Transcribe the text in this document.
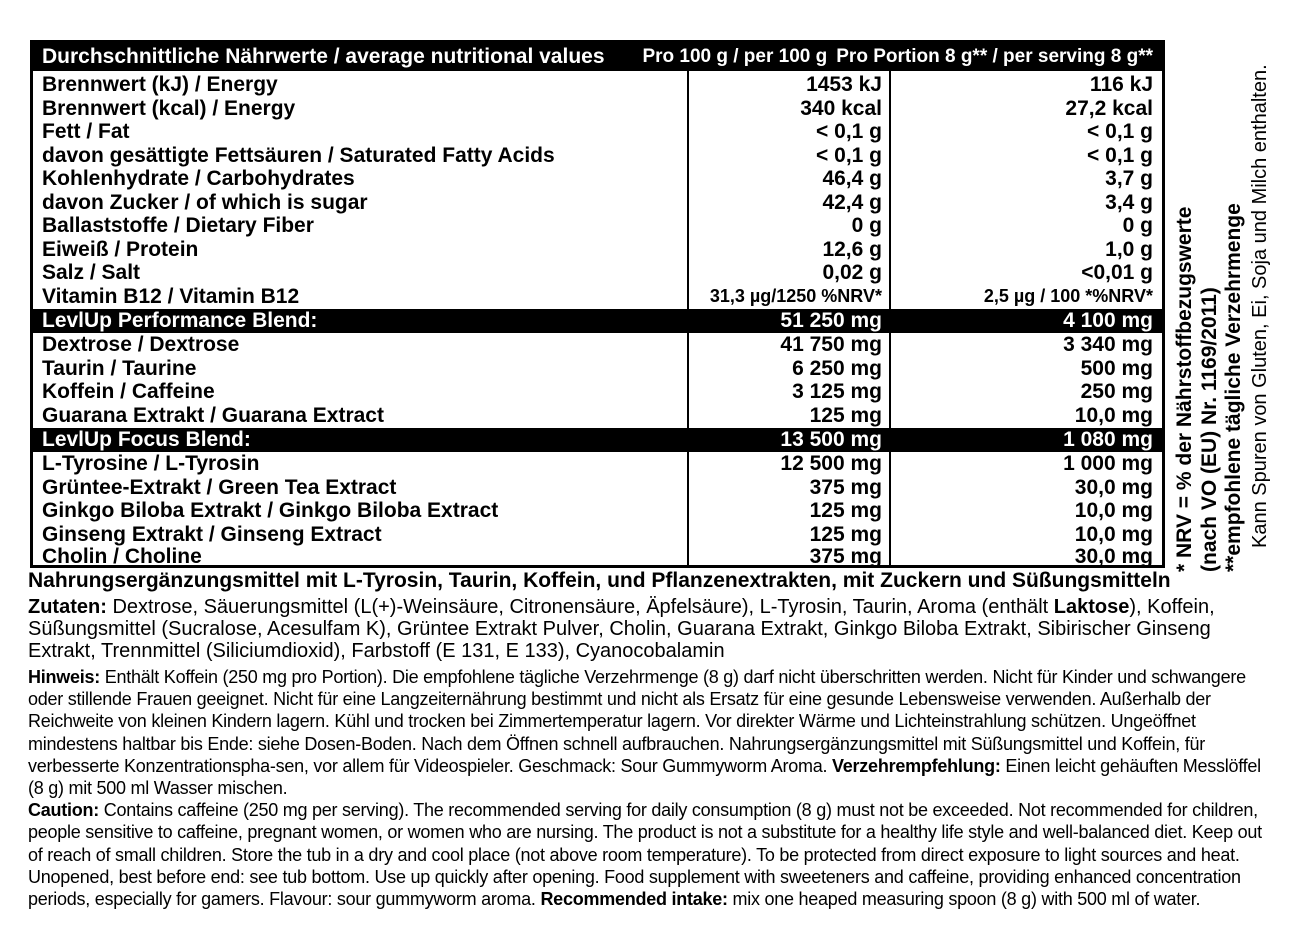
Durchschnittliche Nährwerte / average nutritional values	Pro 100 g / per 100 g Pro Portion 8 g** / per serving 8 g**
Brennwert (kJ) / Energy	1453 kJ	116 kJ
Brennwert (kcal) / Energy	340 kcal	27,2 kcal
Fett / Fat	< 0,1 g	< 0,1 g
davon gesättigte Fettsäuren / Saturated Fatty Acids	< 0,1 g	< 0,1 g
Kohlenhydrate / Carbohydrates	46,4 g	3,7 g
davon Zucker / of which is sugar	42,4 g	3,4 g
Ballaststoffe / Dietary Fiber	0 g	0 g
Eiweiß / Protein	12,6 g	1,0 g
Salz / Salt	0,02 g	<0,01 g
Vitamin B12 / Vitamin B12	31,3 µg/1250 %NRV*	2,5 µg / 100 *%NRV*
LevlUp Performance Blend:	51 250 mg	4 100 mg
Dextrose / Dextrose	41 750 mg	3 340 mg
Taurin / Taurine	6 250 mg	500 mg
Koffein / Caffeine	3 125 mg	250 mg
Guarana Extrakt / Guarana Extract	125 mg	10,0 mg
LevlUp Focus Blend:	13 500 mg	1 080 mg
L-Tyrosine / L-Tyrosin	12 500 mg	1 000 mg
Grüntee-Extrakt / Green Tea Extract	375 mg	30,0 mg
Ginkgo Biloba Extrakt / Ginkgo Biloba Extract	125 mg	10,0 mg
Ginseng Extrakt / Ginseng Extract	125 mg	10,0 mg
Cholin / Choline	375 mg	30,0 mg * NRV = % der Nährstoffbezugswerte (nach VO (EU) Nr. 1169/2011) **empfohlene tägliche Verzehrmenge Kann Spuren von Gluten, Ei, Soja und Milch enthalten.
Nahrungsergänzungsmittel mit L-Tyrosin, Taurin, Koffein, und Pflanzenextrakten, mit Zuckern und Süßungsmitteln

Zutaten: Dextrose, Säuerungsmittel (L(+)-Weinsäure, Citronensäure, Äpfelsäure), L-Tyrosin, Taurin, Aroma (enthält Laktose), Koffein, Süßungsmittel (Sucralose, Acesulfam K), Grüntee Extrakt Pulver, Cholin, Guarana Extrakt, Ginkgo Biloba Extrakt, Sibirischer Ginseng Extrakt, Trennmittel (Siliciumdioxid), Farbstoff (E 131, E 133), Cyanocobalamin

Hinweis: Enthält Koffein (250 mg pro Portion). Die empfohlene tägliche Verzehrmenge (8 g) darf nicht überschritten werden. Nicht für Kinder und schwangere oder stillende Frauen geeignet. Nicht für eine Langzeiternährung bestimmt und nicht als Ersatz für eine gesunde Lebensweise verwenden. Außerhalb der Reichweite von kleinen Kindern lagern. Kühl und trocken bei Zimmertemperatur lagern. Vor direkter Wärme und Lichteinstrahlung schützen. Ungeöffnet mindestens haltbar bis Ende: siehe Dosen-Boden. Nach dem Öffnen schnell aufbrauchen. Nahrungsergänzungsmittel mit Süßungsmittel und Koffein, für verbesserte Konzentrationspha-sen, vor allem für Videospieler. Geschmack: Sour Gummyworm Aroma. Verzehrempfehlung: Einen leicht gehäuften Messlöffel (8 g) mit 500 ml Wasser mischen.
Caution: Contains caffeine (250 mg per serving). The recommended serving for daily consumption (8 g) must not be exceeded. Not recommended for children, people sensitive to caffeine, pregnant women, or women who are nursing. The product is not a substitute for a healthy life style and well-balanced diet. Keep out of reach of small children. Store the tub in a dry and cool place (not above room temperature). To be protected from direct exposure to light sources and heat. Unopened, best before end: see tub bottom. Use up quickly after opening. Food supplement with sweeteners and caffeine, providing enhanced concentration periods, especially for gamers. Flavour: sour gummyworm aroma. Recommended intake: mix one heaped measuring spoon (8 g) with 500 ml of water.
